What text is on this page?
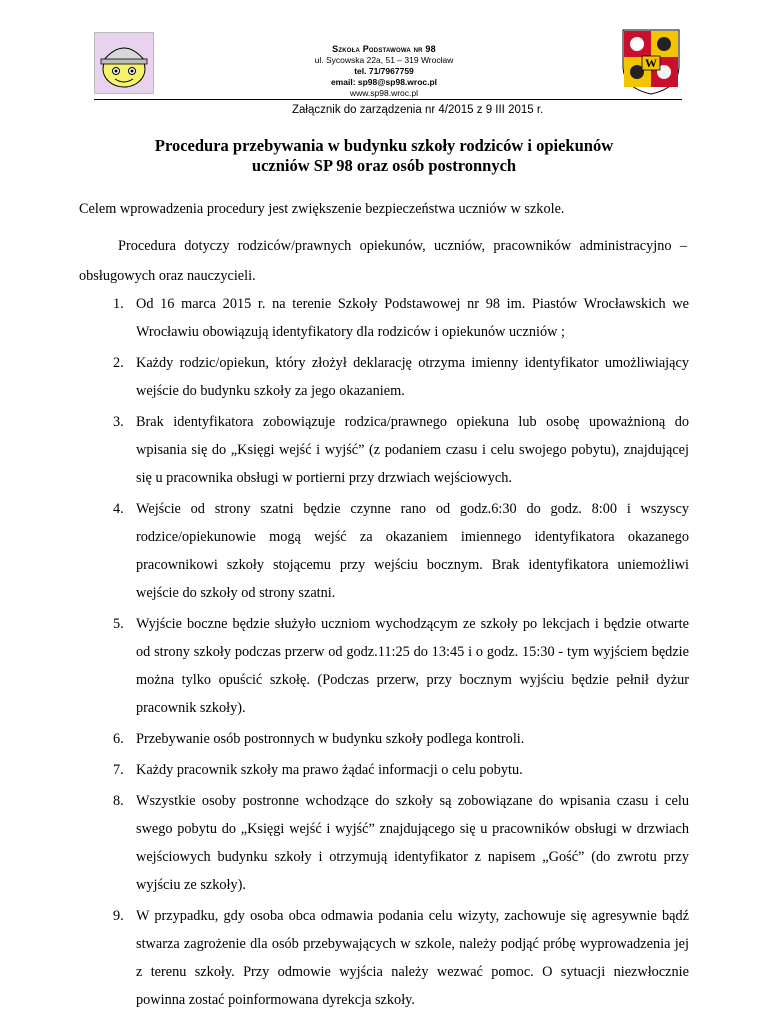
Szkoła Podstawowa nr 98
ul. Sycowska 22a, 51 – 319 Wrocław
tel. 71/7967759
email: sp98@sp98.wroc.pl
www.sp98.wroc.pl
W
Załącznik do zarządzenia nr 4/2015 z 9 III 2015 r.
Procedura przebywania w budynku szkoły rodziców i opiekunów
uczniów SP 98 oraz osób postronnych
Celem wprowadzenia procedury jest zwiększenie bezpieczeństwa uczniów w szkole.
Procedura dotyczy rodziców/prawnych opiekunów, uczniów, pracowników administracyjno – obsługowych oraz nauczycieli.
1. Od 16 marca 2015 r. na terenie Szkoły Podstawowej nr 98 im. Piastów Wrocławskich we Wrocławiu obowiązują identyfikatory dla rodziców i opiekunów uczniów ;
2. Każdy rodzic/opiekun, który złożył deklarację otrzyma imienny identyfikator umożliwiający wejście do budynku szkoły za jego okazaniem.
3. Brak identyfikatora zobowiązuje rodzica/prawnego opiekuna lub osobę upoważnioną do wpisania się do „Księgi wejść i wyjść” (z podaniem czasu i celu swojego pobytu), znajdującej się u pracownika obsługi w portierni przy drzwiach wejściowych.
4. Wejście od strony szatni będzie czynne rano od godz.6:30 do godz. 8:00 i wszyscy rodzice/opiekunowie mogą wejść za okazaniem imiennego identyfikatora okazanego pracownikowi szkoły stojącemu przy wejściu bocznym. Brak identyfikatora uniemożliwi wejście do szkoły od strony szatni.
5. Wyjście boczne będzie służyło uczniom wychodzącym ze szkoły po lekcjach i będzie otwarte od strony szkoły podczas przerw od godz.11:25 do 13:45 i o godz. 15:30 - tym wyjściem będzie można tylko opuścić szkołę. (Podczas przerw, przy bocznym wyjściu będzie pełnił dyżur pracownik szkoły).
6. Przebywanie osób postronnych w budynku szkoły podlega kontroli.
7. Każdy pracownik szkoły ma prawo żądać informacji o celu pobytu.
8. Wszystkie osoby postronne wchodzące do szkoły są zobowiązane do wpisania czasu i celu swego pobytu do „Księgi wejść i wyjść” znajdującego się u pracowników obsługi w drzwiach wejściowych budynku szkoły i otrzymują identyfikator z napisem „Gość” (do zwrotu przy wyjściu ze szkoły).
9. W przypadku, gdy osoba obca odmawia podania celu wizyty, zachowuje się agresywnie bądź stwarza zagrożenie dla osób przebywających w szkole, należy podjąć próbę wyprowadzenia jej z terenu szkoły. Przy odmowie wyjścia należy wezwać pomoc. O sytuacji niezwłocznie powinna zostać poinformowana dyrekcja szkoły.
